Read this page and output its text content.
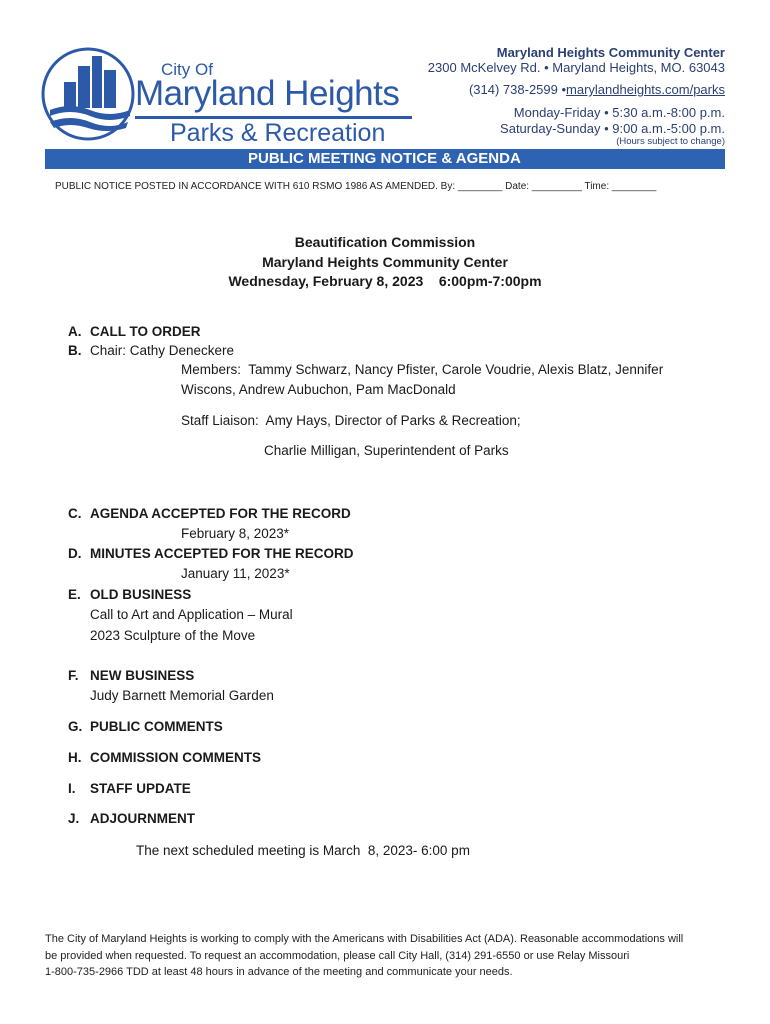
City Of
Maryland Heights
Parks & Recreation
Maryland Heights Community Center
2300 McKelvey Rd. • Maryland Heights, MO. 63043
(314) 738-2599 •marylandheights.com/parks
Monday-Friday • 5:30 a.m.-8:00 p.m.
Saturday-Sunday • 9:00 a.m.-5:00 p.m.
(Hours subject to change)
PUBLIC MEETING NOTICE & AGENDA
PUBLIC NOTICE POSTED IN ACCORDANCE WITH 610 RSMO 1986 AS AMENDED. By: ________ Date: _________ Time: ________
Beautification Commission
Maryland Heights Community Center
Wednesday, February 8, 2023    6:00pm-7:00pm
A. CALL TO ORDER
B. Chair: Cathy Deneckere
Members:  Tammy Schwarz, Nancy Pfister, Carole Voudrie, Alexis Blatz, Jennifer
Wiscons, Andrew Aubuchon, Pam MacDonald
Staff Liaison:  Amy Hays, Director of Parks & Recreation;
Charlie Milligan, Superintendent of Parks
C. AGENDA ACCEPTED FOR THE RECORD
February 8, 2023*
D. MINUTES ACCEPTED FOR THE RECORD
January 11, 2023*
E. OLD BUSINESS
Call to Art and Application – Mural
2023 Sculpture of the Move
F. NEW BUSINESS
Judy Barnett Memorial Garden
G. PUBLIC COMMENTS
H. COMMISSION COMMENTS
I. STAFF UPDATE
J. ADJOURNMENT
The next scheduled meeting is March  8, 2023- 6:00 pm
The City of Maryland Heights is working to comply with the Americans with Disabilities Act (ADA). Reasonable accommodations will
be provided when requested. To request an accommodation, please call City Hall, (314) 291-6550 or use Relay Missouri
1-800-735-2966 TDD at least 48 hours in advance of the meeting and communicate your needs.
